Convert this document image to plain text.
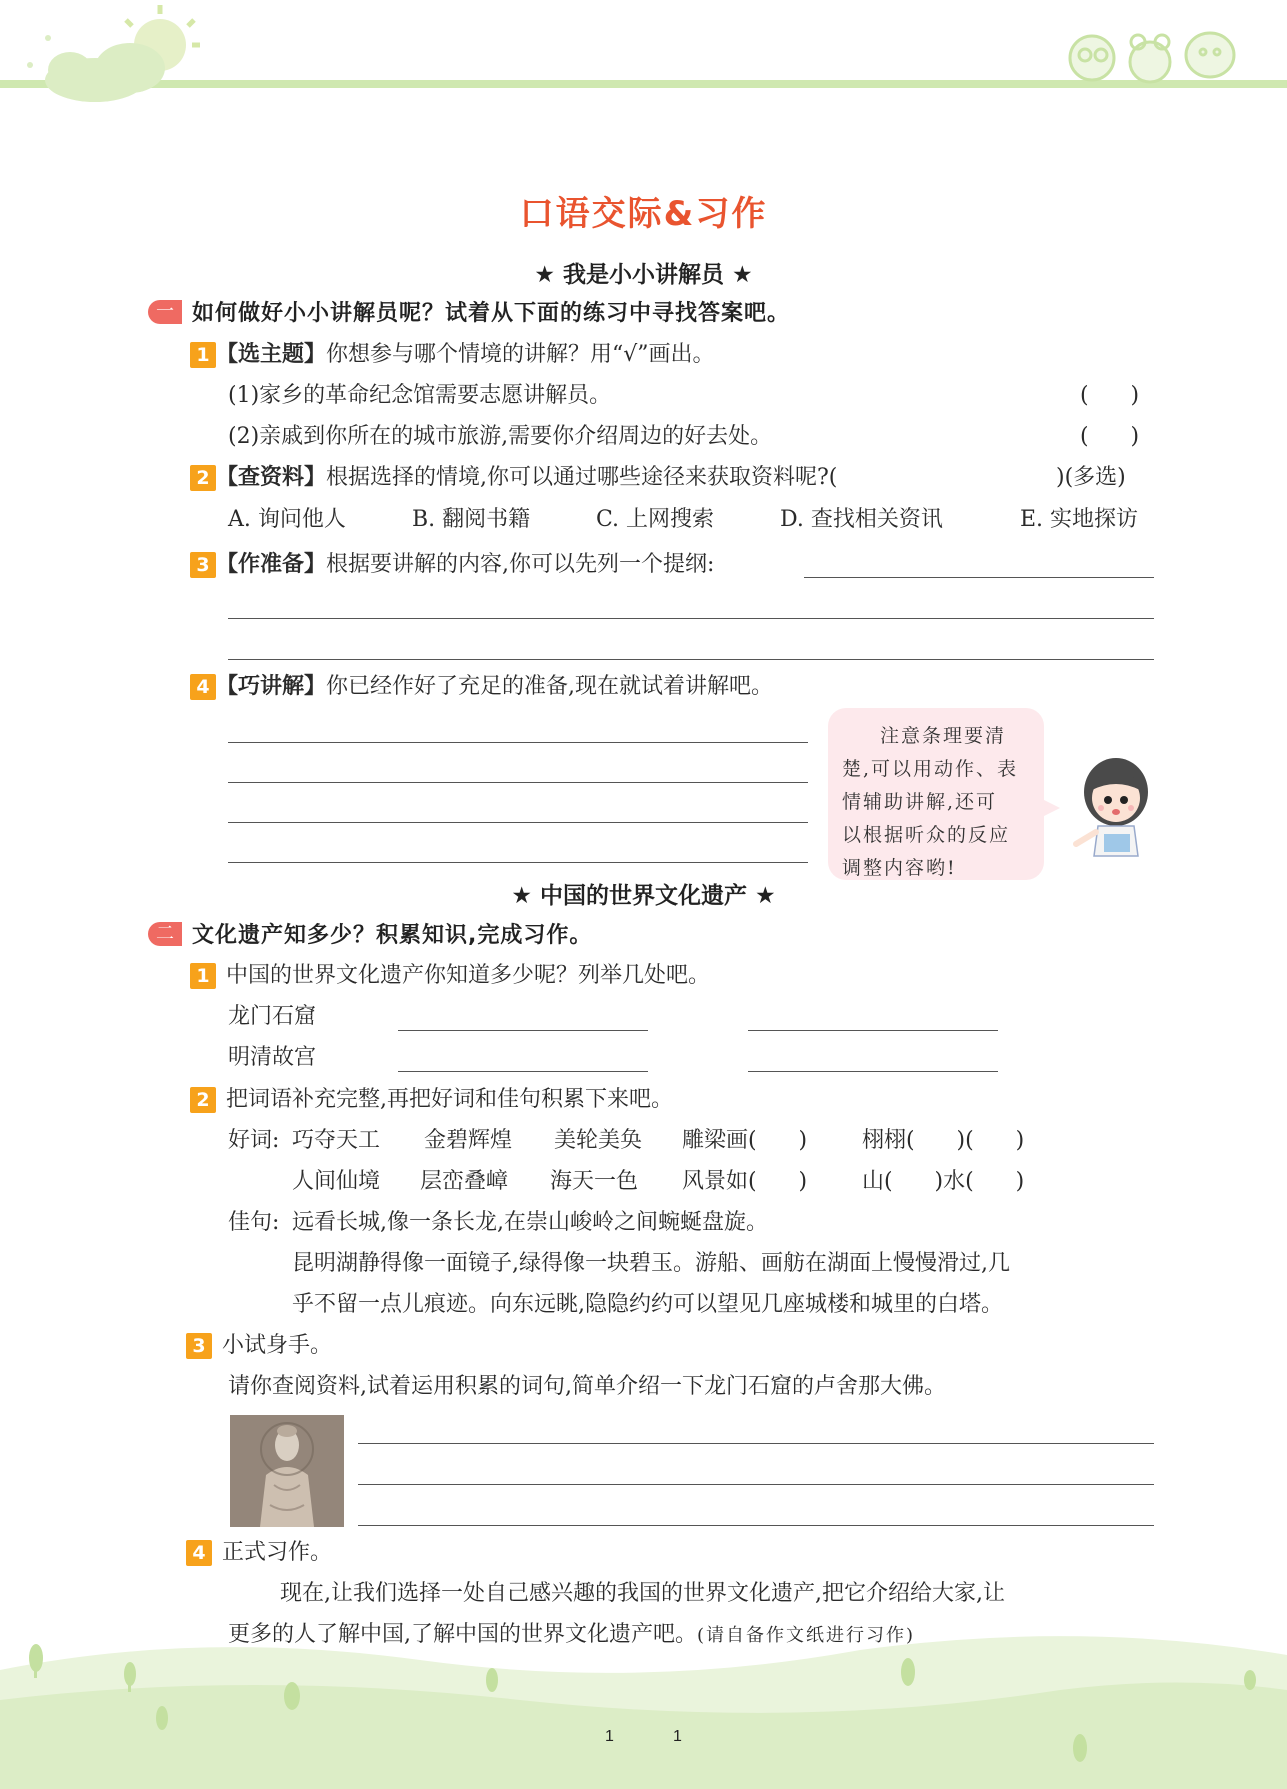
口语交际&习作
★ 我是小小讲解员 ★
一 如何做好小小讲解员呢？试着从下面的练习中寻找答案吧。
1 【选主题】你想参与哪个情境的讲解？用“√”画出。
(1)家乡的革命纪念馆需要志愿讲解员。	(      )
(2)亲戚到你所在的城市旅游,需要你介绍周边的好去处。	(      )
2 【查资料】根据选择的情境,你可以通过哪些途径来获取资料呢?(	)(多选)
A. 询问他人	B. 翻阅书籍	C. 上网搜索	D. 查找相关资讯	E. 实地探访
3 【作准备】根据要讲解的内容,你可以先列一个提纲:
4 【巧讲解】你已经作好了充足的准备,现在就试着讲解吧。
注意条理要清
楚,可以用动作、表
情辅助讲解,还可
以根据听众的反应
调整内容哟!
★ 中国的世界文化遗产 ★
二 文化遗产知多少？积累知识,完成习作。
1 中国的世界文化遗产你知道多少呢？列举几处吧。
龙门石窟
明清故宫
2 把词语补充完整,再把好词和佳句积累下来吧。
好词: 巧夺天工 金碧辉煌 美轮美奂 雕梁画(      ) 栩栩(      )(      )
人间仙境 层峦叠嶂 海天一色 风景如(      ) 山(      )水(      )
佳句: 远看长城,像一条长龙,在崇山峻岭之间蜿蜒盘旋。
昆明湖静得像一面镜子,绿得像一块碧玉。游船、画舫在湖面上慢慢滑过,几
乎不留一点儿痕迹。向东远眺,隐隐约约可以望见几座城楼和城里的白塔。
3 小试身手。
请你查阅资料,试着运用积累的词句,简单介绍一下龙门石窟的卢舍那大佛。
4 正式习作。
现在,让我们选择一处自己感兴趣的我国的世界文化遗产,把它介绍给大家,让
更多的人了解中国,了解中国的世界文化遗产吧。(请自备作文纸进行习作)
1	1
